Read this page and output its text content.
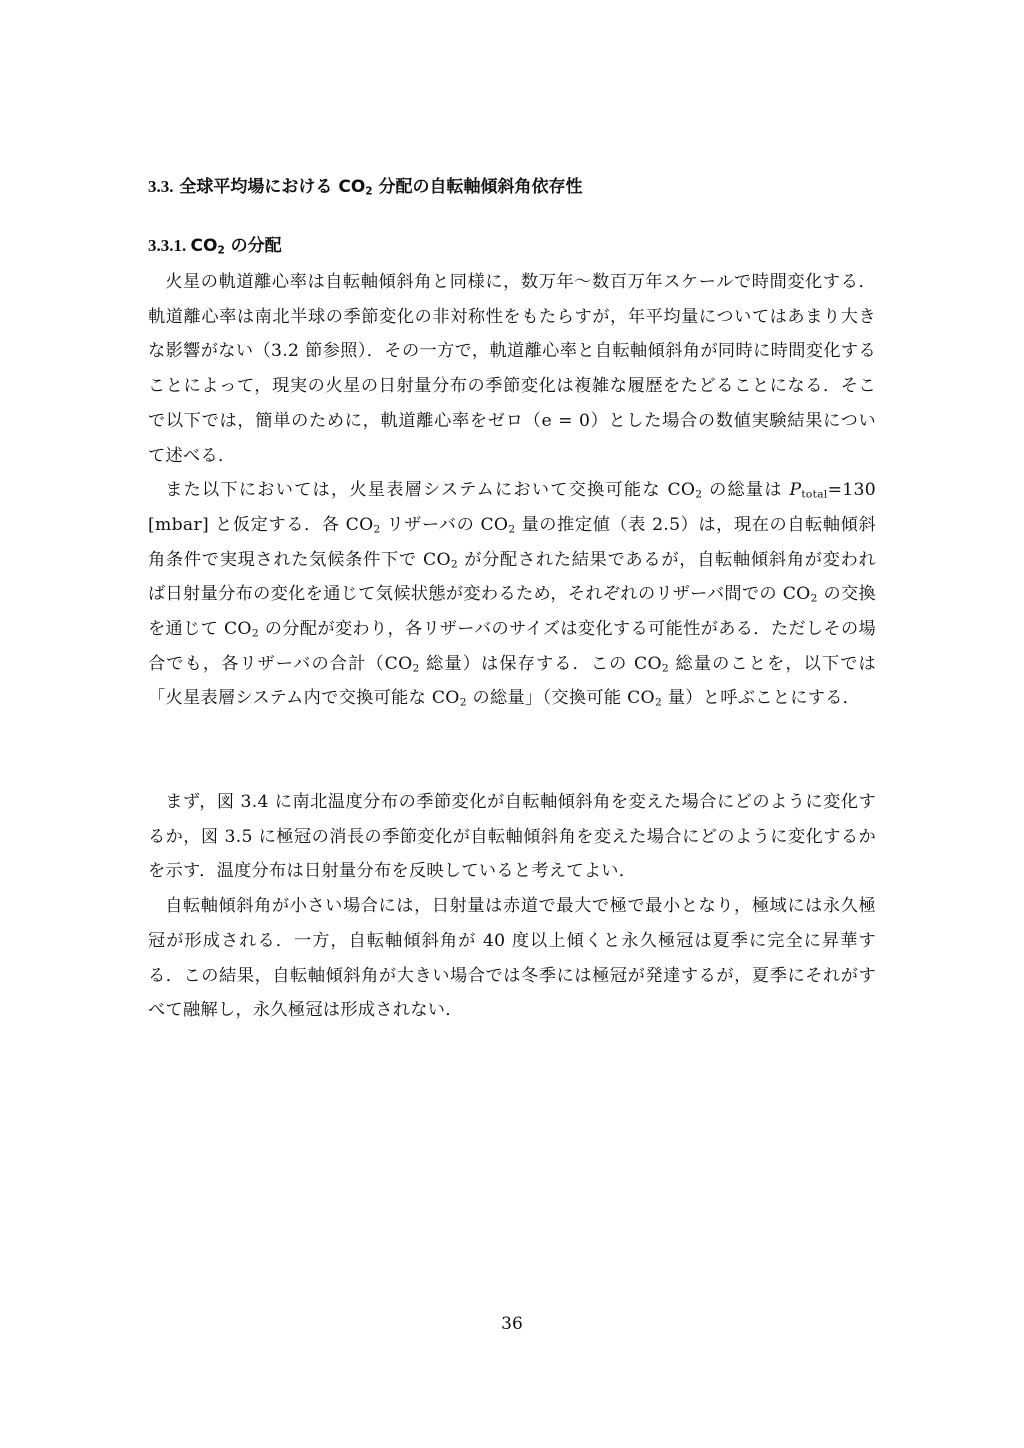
3.3. 全球平均場における $CO_2$ 分配の自転軸傾斜角依存性
3.3.1. $CO_2$ の分配

火星の軌道離心率は自転軸傾斜角と同様に，数万年〜数百万年スケールで時間変化する．軌道離心率は南北半球の季節変化の非対称性をもたらすが，年平均量についてはあまり大きな影響がない（3.2 節参照）．その一方で，軌道離心率と自転軸傾斜角が同時に時間変化することによって，現実の火星の日射量分布の季節変化は複雑な履歴をたどることになる．そこで以下では，簡単のために，軌道離心率をゼロ（e = 0）とした場合の数値実験結果について述べる．

また以下においては，火星表層システムにおいて交換可能な $CO_2$ の総量は $P_{total}=130$ [mbar] と仮定する．各 $CO_2$ リザーバの $CO_2$ 量の推定値（表 2.5）は，現在の自転軸傾斜角条件で実現された気候条件下で $CO_2$ が分配された結果であるが，自転軸傾斜角が変われば日射量分布の変化を通じて気候状態が変わるため，それぞれのリザーバ間での $CO_2$ の交換を通じて $CO_2$ の分配が変わり，各リザーバのサイズは変化する可能性がある．ただしその場合でも，各リザーバの合計（$CO_2$ 総量）は保存する．この $CO_2$ 総量のことを，以下では「火星表層システム内で交換可能な $CO_2$ の総量」（交換可能 $CO_2$ 量）と呼ぶことにする．

まず，図 3.4 に南北温度分布の季節変化が自転軸傾斜角を変えた場合にどのように変化するか，図 3.5 に極冠の消長の季節変化が自転軸傾斜角を変えた場合にどのように変化するかを示す．温度分布は日射量分布を反映していると考えてよい．

自転軸傾斜角が小さい場合には，日射量は赤道で最大で極で最小となり，極域には永久極冠が形成される．一方，自転軸傾斜角が 40 度以上傾くと永久極冠は夏季に完全に昇華する．この結果，自転軸傾斜角が大きい場合では冬季には極冠が発達するが，夏季にそれがすべて融解し，永久極冠は形成されない．

36
